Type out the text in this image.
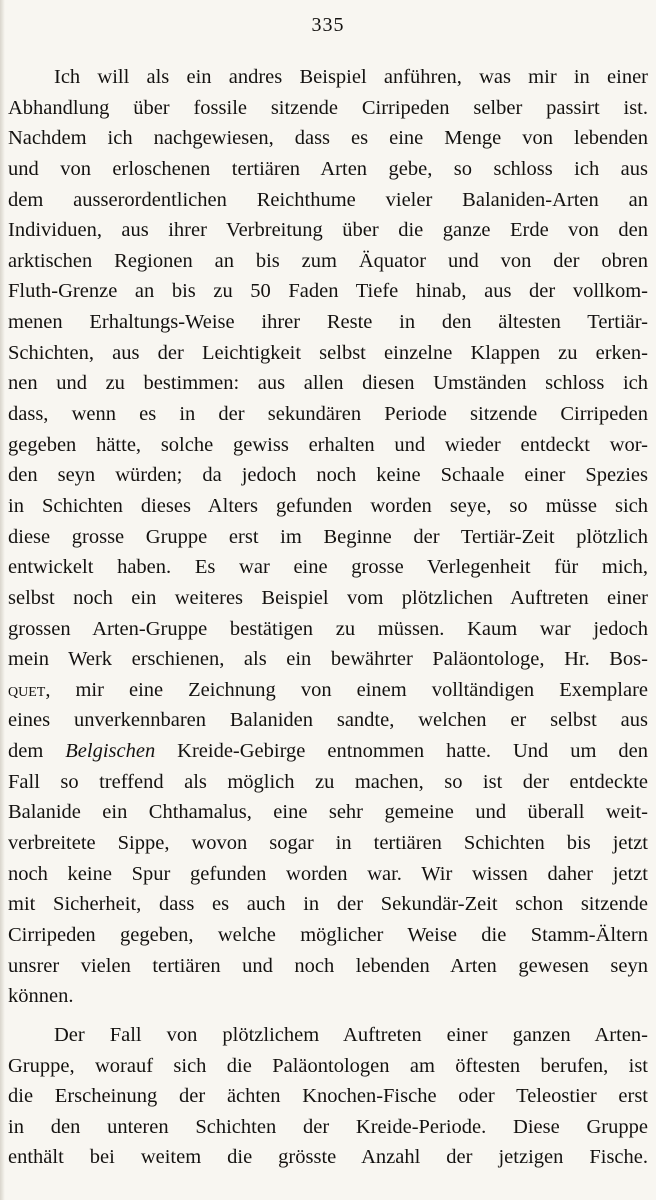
335
Ich will als ein andres Beispiel anführen, was mir in einer
Abhandlung über fossile sitzende Cirripeden selber passirt ist.
Nachdem ich nachgewiesen, dass es eine Menge von lebenden
und von erloschenen tertiären Arten gebe, so schloss ich aus
dem ausserordentlichen Reichthume vieler Balaniden-Arten an
Individuen, aus ihrer Verbreitung über die ganze Erde von den
arktischen Regionen an bis zum Äquator und von der obren
Fluth-Grenze an bis zu 50 Faden Tiefe hinab, aus der vollkom-
menen Erhaltungs-Weise ihrer Reste in den ältesten Tertiär-
Schichten, aus der Leichtigkeit selbst einzelne Klappen zu erken-
nen und zu bestimmen: aus allen diesen Umständen schloss ich
dass, wenn es in der sekundären Periode sitzende Cirripeden
gegeben hätte, solche gewiss erhalten und wieder entdeckt wor-
den seyn würden; da jedoch noch keine Schaale einer Spezies
in Schichten dieses Alters gefunden worden seye, so müsse sich
diese grosse Gruppe erst im Beginne der Tertiär-Zeit plötzlich
entwickelt haben. Es war eine grosse Verlegenheit für mich,
selbst noch ein weiteres Beispiel vom plötzlichen Auftreten einer
grossen Arten-Gruppe bestätigen zu müssen. Kaum war jedoch
mein Werk erschienen, als ein bewährter Paläontologe, Hr. Bos-
quet, mir eine Zeichnung von einem volltändigen Exemplare
eines unverkennbaren Balaniden sandte, welchen er selbst aus
dem Belgischen Kreide-Gebirge entnommen hatte. Und um den
Fall so treffend als möglich zu machen, so ist der entdeckte
Balanide ein Chthamalus, eine sehr gemeine und überall weit-
verbreitete Sippe, wovon sogar in tertiären Schichten bis jetzt
noch keine Spur gefunden worden war. Wir wissen daher jetzt
mit Sicherheit, dass es auch in der Sekundär-Zeit schon sitzende
Cirripeden gegeben, welche möglicher Weise die Stamm-Ältern
unsrer vielen tertiären und noch lebenden Arten gewesen seyn
können.
Der Fall von plötzlichem Auftreten einer ganzen Arten-
Gruppe, worauf sich die Paläontologen am öftesten berufen, ist
die Erscheinung der ächten Knochen-Fische oder Teleostier erst
in den unteren Schichten der Kreide-Periode. Diese Gruppe
enthält bei weitem die grösste Anzahl der jetzigen Fische.
